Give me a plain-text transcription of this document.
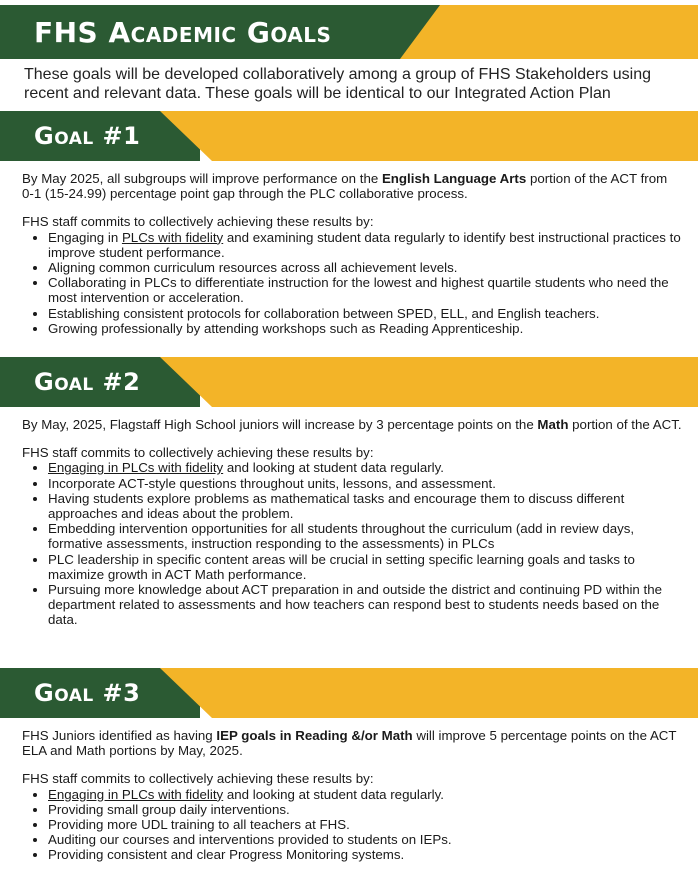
FHS Academic Goals
These goals will be developed collaboratively among a group of FHS Stakeholders using recent and relevant data. These goals will be identical to our Integrated Action Plan
Goal #1

By May 2025, all subgroups will improve performance on the English Language Arts portion of the ACT from 0-1 (15-24.99) percentage point gap through the PLC collaborative process.

FHS staff commits to collectively achieving these results by:

• Engaging in PLCs with fidelity and examining student data regularly to identify best instructional practices to improve student performance.
• Aligning common curriculum resources across all achievement levels.
• Collaborating in PLCs to differentiate instruction for the lowest and highest quartile students who need the most intervention or acceleration.
• Establishing consistent protocols for collaboration between SPED, ELL, and English teachers.
• Growing professionally by attending workshops such as Reading Apprenticeship.
Goal #2

By May, 2025, Flagstaff High School juniors will increase by 3 percentage points on the Math portion of the ACT.

FHS staff commits to collectively achieving these results by:

• Engaging in PLCs with fidelity and looking at student data regularly.
• Incorporate ACT-style questions throughout units, lessons, and assessment.
• Having students explore problems as mathematical tasks and encourage them to discuss different approaches and ideas about the problem.
• Embedding intervention opportunities for all students throughout the curriculum (add in review days, formative assessments, instruction responding to the assessments) in PLCs
• PLC leadership in specific content areas will be crucial in setting specific learning goals and tasks to maximize growth in ACT Math performance.
• Pursuing more knowledge about ACT preparation in and outside the district and continuing PD within the department related to assessments and how teachers can respond best to students needs based on the data.
Goal #3

FHS Juniors identified as having IEP goals in Reading &/or Math will improve 5 percentage points on the ACT ELA and Math portions by May, 2025.

FHS staff commits to collectively achieving these results by:

• Engaging in PLCs with fidelity and looking at student data regularly.
• Providing small group daily interventions.
• Providing more UDL training to all teachers at FHS.
• Auditing our courses and interventions provided to students on IEPs.
• Providing consistent and clear Progress Monitoring systems.
